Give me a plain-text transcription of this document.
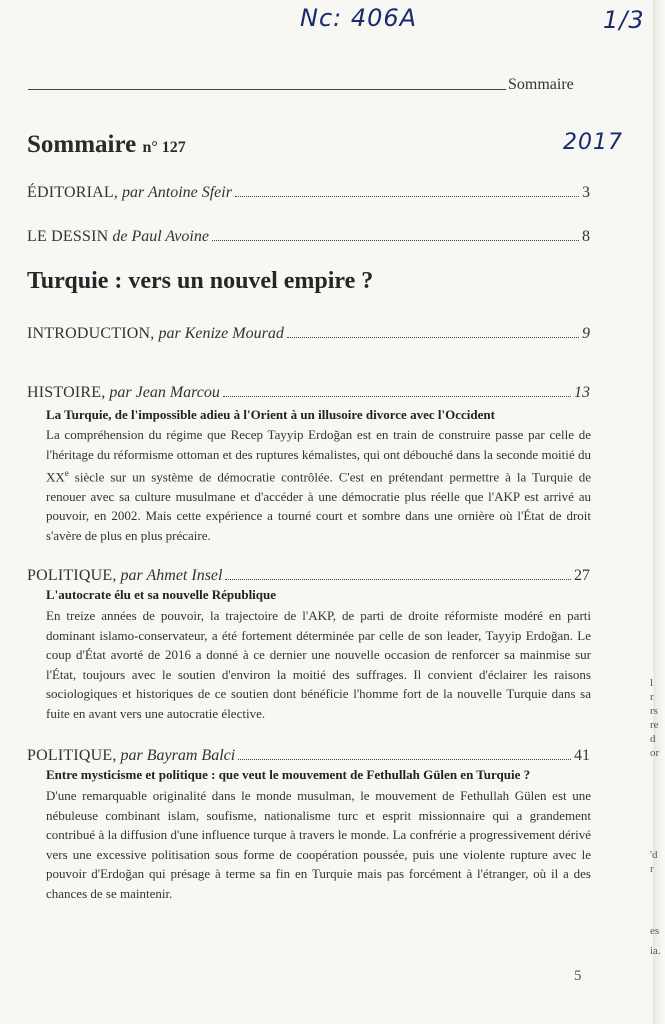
Nc: 406A	1/3
2017
Sommaire
l
r
rs
re
d
or
'd
r
es
ia.
Sommaire n° 127
ÉDITORIAL, par Antoine Sfeir	3
LE DESSIN de Paul Avoine	8
Turquie : vers un nouvel empire ?
INTRODUCTION, par Kenize Mourad	9
HISTOIRE, par Jean Marcou	13
La Turquie, de l'impossible adieu à l'Orient à un illusoire divorce avec l'Occident
La compréhension du régime que Recep Tayyip Erdoğan est en train de construire passe par celle de l'héritage du réformisme ottoman et des ruptures kémalistes, qui ont débouché dans la seconde moitié du XXe siècle sur un système de démocratie contrôlée. C'est en prétendant permettre à la Turquie de renouer avec sa culture musulmane et d'accéder à une démocratie plus réelle que l'AKP est arrivé au pouvoir, en 2002. Mais cette expérience a tourné court et sombre dans une ornière où l'État de droit s'avère de plus en plus précaire.
POLITIQUE, par Ahmet Insel	27
L'autocrate élu et sa nouvelle République
En treize années de pouvoir, la trajectoire de l'AKP, de parti de droite réformiste modéré en parti dominant islamo-conservateur, a été fortement déterminée par celle de son leader, Tayyip Erdoğan. Le coup d'État avorté de 2016 a donné à ce dernier une nouvelle occasion de renforcer sa mainmise sur l'État, toujours avec le soutien d'environ la moitié des suffrages. Il convient d'éclairer les raisons sociologiques et historiques de ce soutien dont bénéficie l'homme fort de la nouvelle Turquie dans sa fuite en avant vers une autocratie élective.
POLITIQUE, par Bayram Balci	41
Entre mysticisme et politique : que veut le mouvement de Fethullah Gülen en Turquie ?
D'une remarquable originalité dans le monde musulman, le mouvement de Fethullah Gülen est une nébuleuse combinant islam, soufisme, nationalisme turc et esprit missionnaire qui a grandement contribué à la diffusion d'une influence turque à travers le monde. La confrérie a progressivement dérivé vers une excessive politisation sous forme de coopération poussée, puis une violente rupture avec le pouvoir d'Erdoğan qui présage à terme sa fin en Turquie mais pas forcément à l'étranger, où il a des chances de se maintenir.
5
